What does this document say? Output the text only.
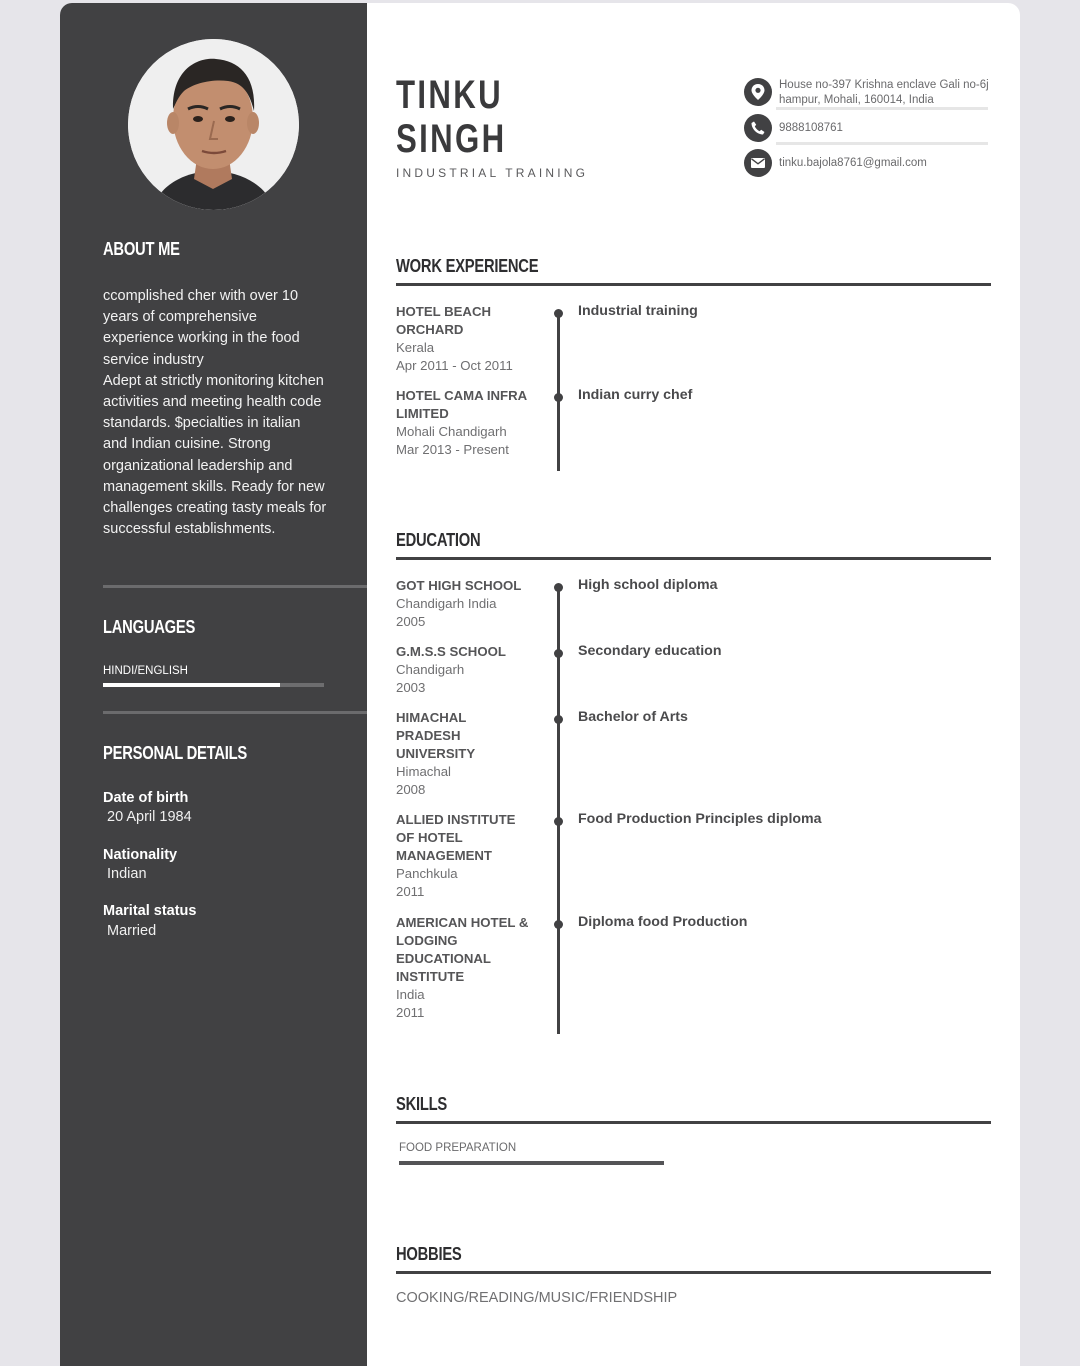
ABOUT ME

ccomplished cher with over 10 years of comprehensive experience working in the food service industry

Adept at strictly monitoring kitchen activities and meeting health code standards. $pecialties in italian

and Indian cuisine. Strong organizational leadership and management skills. Ready for new challenges creating tasty meals for successful establishments.

LANGUAGES
HINDI/ENGLISH
PERSONAL DETAILS
Date of birth
20 April 1984
Nationality
Indian
Marital status
Married
TINKU
SINGH
INDUSTRIAL TRAINING
House no-397 Krishna enclave Gali no-6j hampur, Mohali, 160014, India
9888108761
tinku.bajola8761@gmail.com
WORK EXPERIENCE
HOTEL BEACH ORCHARD
Kerala
Apr 2011 - Oct 2011
Industrial training
HOTEL CAMA INFRA LIMITED
Mohali Chandigarh
Mar 2013 - Present
Indian curry chef
EDUCATION
GOT HIGH SCHOOL
Chandigarh India
2005
High school diploma
G.M.S.S SCHOOL
Chandigarh
2003
Secondary education
HIMACHAL PRADESH UNIVERSITY
Himachal
2008
Bachelor of Arts
ALLIED INSTITUTE OF HOTEL MANAGEMENT
Panchkula
2011
Food Production Principles diploma
AMERICAN HOTEL & LODGING EDUCATIONAL INSTITUTE
India
2011
Diploma food Production
SKILLS
FOOD PREPARATION
HOBBIES
COOKING/READING/MUSIC/FRIENDSHIP
